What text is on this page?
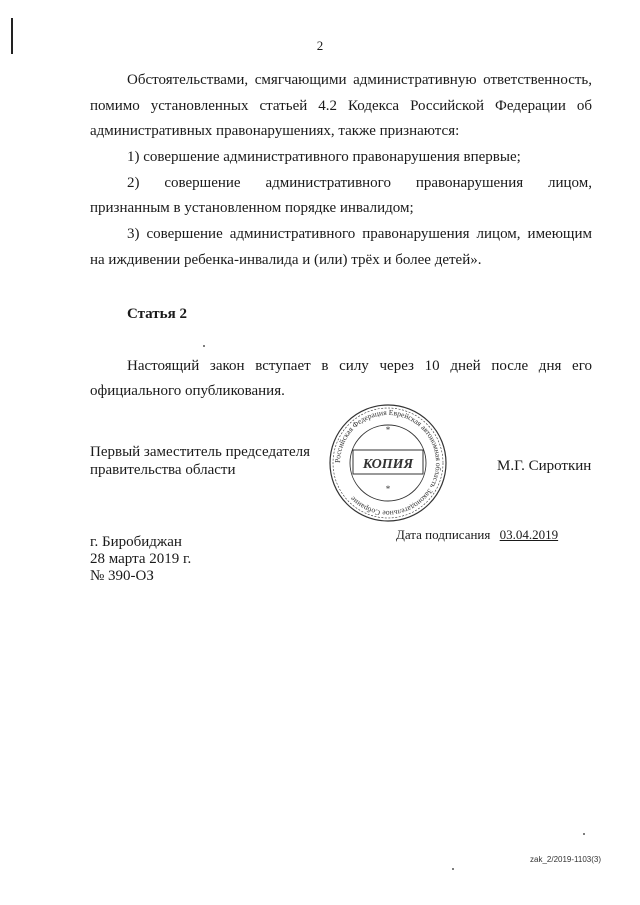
2
Обстоятельствами, смягчающими административную ответственность,
помимо установленных статьей 4.2 Кодекса Российской Федерации об
административных правонарушениях, также признаются:
1) совершение административного правонарушения впервые;
2) совершение административного правонарушения лицом,
признанным в установленном порядке инвалидом;
3) совершение административного правонарушения лицом, имеющим
на иждивении ребенка-инвалида и (или) трёх и более детей».
Статья 2
Настоящий закон вступает в силу через 10 дней после дня его
официального опубликования.
Первый заместитель председателя
правительства области	М.Г. Сироткин
Российская Федерация Еврейская автономная область Законодательное Собрание
КОПИЯ
*
*
г. Биробиджан
28 марта 2019 г.
№ 390-ОЗ
Дата подписания 03.04.2019
zak_2/2019-1103(3)
